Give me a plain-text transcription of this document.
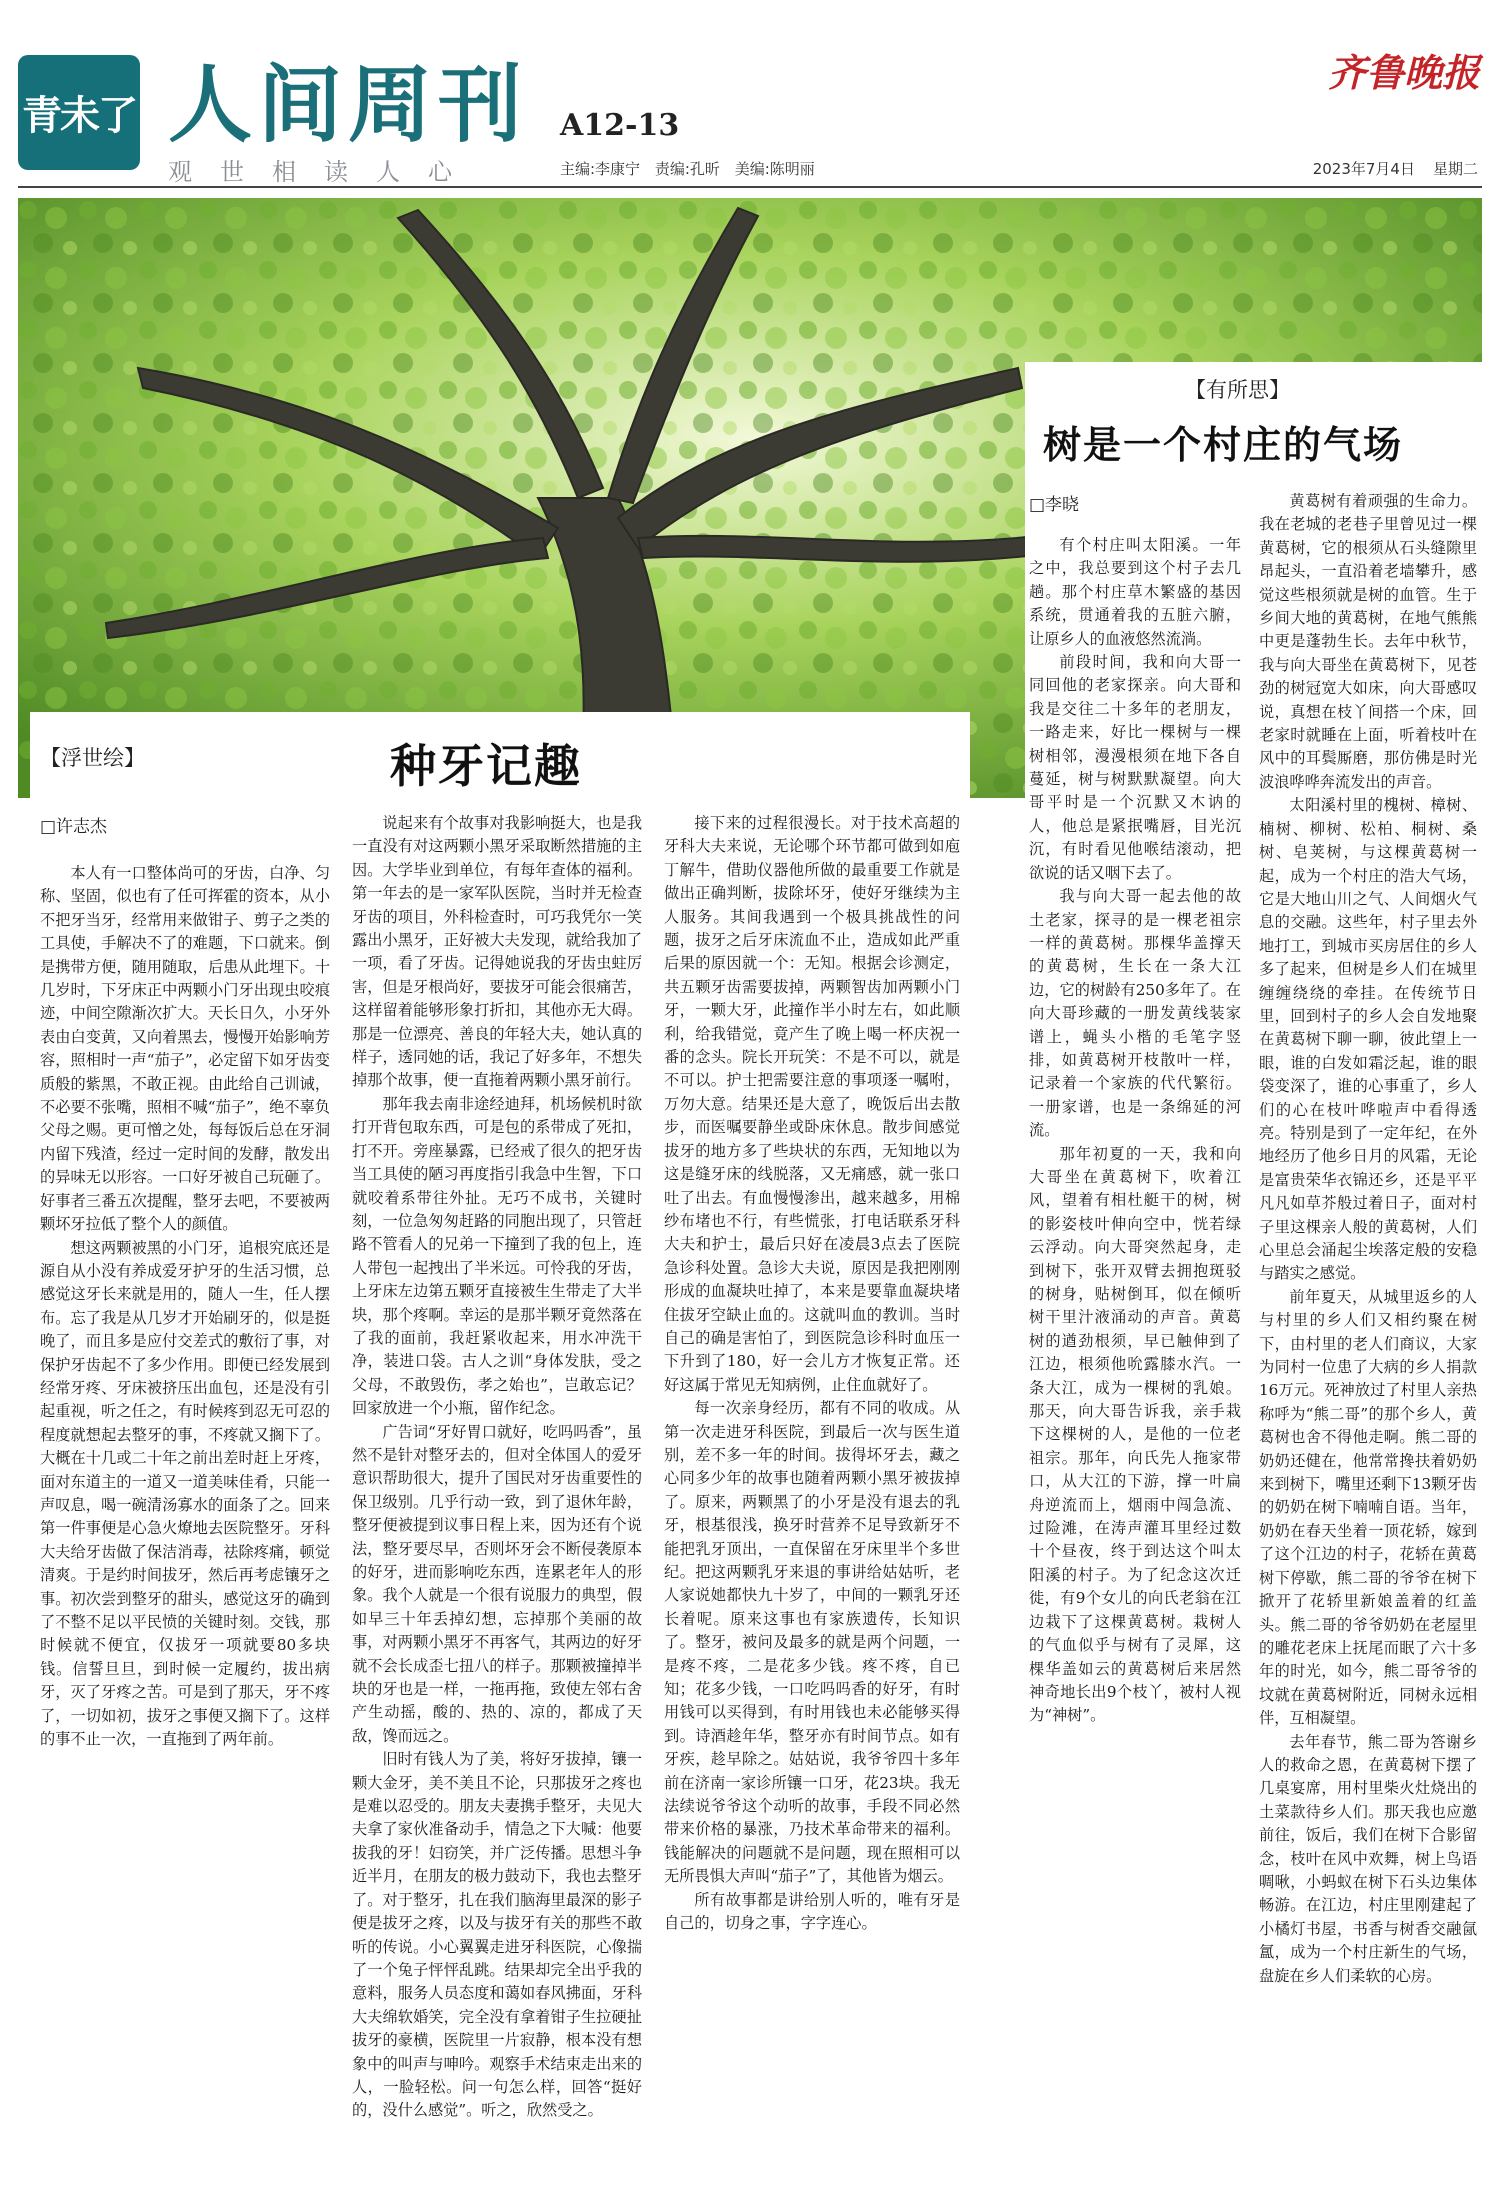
青未了 人间周刊 A12-13
观世相读人心	主编:李康宁 责编:孔昕 美编:陈明丽
齐鲁晚报
2023年7月4日 星期二
【浮世绘】	种牙记趣
□许志杰

本人有一口整体尚可的牙齿，白净、匀称、坚固，似也有了任可挥霍的资本，从小不把牙当牙，经常用来做钳子、剪子之类的工具使，手解决不了的难题，下口就来。倒是携带方便，随用随取，后患从此埋下。十几岁时，下牙床正中两颗小门牙出现虫咬痕迹，中间空隙渐次扩大。天长日久，小牙外表由白变黄，又向着黑去，慢慢开始影响芳容，照相时一声“茄子”，必定留下如牙齿变质般的紫黑，不敢正视。由此给自己训诫，不必要不张嘴，照相不喊“茄子”，绝不辜负父母之赐。更可憎之处，每每饭后总在牙洞内留下残渣，经过一定时间的发酵，散发出的异味无以形容。一口好牙被自己玩砸了。好事者三番五次提醒，整牙去吧，不要被两颗坏牙拉低了整个人的颜值。

想这两颗被黑的小门牙，追根究底还是源自从小没有养成爱牙护牙的生活习惯，总感觉这牙长来就是用的，随人一生，任人摆布。忘了我是从几岁才开始刷牙的，似是挺晚了，而且多是应付交差式的敷衍了事，对保护牙齿起不了多少作用。即便已经发展到经常牙疼、牙床被挤压出血包，还是没有引起重视，听之任之，有时候疼到忍无可忍的程度就想起去整牙的事，不疼就又搁下了。大概在十几或二十年之前出差时赶上牙疼，面对东道主的一道又一道美味佳肴，只能一声叹息，喝一碗清汤寡水的面条了之。回来第一件事便是心急火燎地去医院整牙。牙科大夫给牙齿做了保洁消毒，祛除疼痛，顿觉清爽。于是约时间拔牙，然后再考虑镶牙之事。初次尝到整牙的甜头，感觉这牙的确到了不整不足以平民愤的关键时刻。交钱，那时候就不便宜，仅拔牙一项就要80多块钱。信誓旦旦，到时候一定履约，拔出病牙，灭了牙疼之苦。可是到了那天，牙不疼了，一切如初，拔牙之事便又搁下了。这样的事不止一次，一直拖到了两年前。

说起来有个故事对我影响挺大，也是我一直没有对这两颗小黑牙采取断然措施的主因。大学毕业到单位，有每年查体的福利。第一年去的是一家军队医院，当时并无检查牙齿的项目，外科检查时，可巧我凭尔一笑露出小黑牙，正好被大夫发现，就给我加了一项，看了牙齿。记得她说我的牙齿虫蛀厉害，但是牙根尚好，要拔牙可能会很痛苦，这样留着能够形象打折扣，其他亦无大碍。那是一位漂亮、善良的年轻大夫，她认真的样子，透同她的话，我记了好多年，不想失掉那个故事，便一直拖着两颗小黑牙前行。

那年我去南非途经迪拜，机场候机时欲打开背包取东西，可是包的系带成了死扣，打不开。旁座暴露，已经戒了很久的把牙齿当工具使的陋习再度指引我急中生智，下口就咬着系带往外扯。无巧不成书，关键时刻，一位急匆匆赶路的同胞出现了，只管赶路不管看人的兄弟一下撞到了我的包上，连人带包一起拽出了半米远。可怜我的牙齿，上牙床左边第五颗牙直接被生生带走了大半块，那个疼啊。幸运的是那半颗牙竟然落在了我的面前，我赶紧收起来，用水冲洗干净，装进口袋。古人之训“身体发肤，受之父母，不敢毁伤，孝之始也”，岂敢忘记？回家放进一个小瓶，留作纪念。

广告词“牙好胃口就好，吃吗吗香”，虽然不是针对整牙去的，但对全体国人的爱牙意识帮助很大，提升了国民对牙齿重要性的保卫级别。几乎行动一致，到了退休年龄，整牙便被提到议事日程上来，因为还有个说法，整牙要尽早，否则坏牙会不断侵袭原本的好牙，进而影响吃东西，连累老年人的形象。我个人就是一个很有说服力的典型，假如早三十年丢掉幻想，忘掉那个美丽的故事，对两颗小黑牙不再客气，其两边的好牙就不会长成歪七扭八的样子。那颗被撞掉半块的牙也是一样，一拖再拖，致使左邻右舍产生动摇，酸的、热的、凉的，都成了天敌，馋而远之。

旧时有钱人为了美，将好牙拔掉，镶一颗大金牙，美不美且不论，只那拔牙之疼也是难以忍受的。朋友夫妻携手整牙，夫见大夫拿了家伙准备动手，情急之下大喊：他要拔我的牙！妇窃笑，并广泛传播。思想斗争近半月，在朋友的极力鼓动下，我也去整牙了。对于整牙，扎在我们脑海里最深的影子便是拔牙之疼，以及与拔牙有关的那些不敢听的传说。小心翼翼走进牙科医院，心像揣了一个兔子怦怦乱跳。结果却完全出乎我的意料，服务人员态度和蔼如春风拂面，牙科大夫绵软婚笑，完全没有拿着钳子生拉硬扯拔牙的豪横，医院里一片寂静，根本没有想象中的叫声与呻吟。观察手术结束走出来的人，一脸轻松。问一句怎么样，回答“挺好的，没什么感觉”。听之，欣然受之。

接下来的过程很漫长。对于技术高超的牙科大夫来说，无论哪个环节都可做到如庖丁解牛，借助仪器他所做的最重要工作就是做出正确判断，拔除坏牙，使好牙继续为主人服务。其间我遇到一个极具挑战性的问题，拔牙之后牙床流血不止，造成如此严重后果的原因就一个：无知。根据会诊测定，共五颗牙齿需要拔掉，两颗智齿加两颗小门牙，一颗大牙，此撞作半小时左右，如此顺利，给我错觉，竟产生了晚上喝一杯庆祝一番的念头。院长开玩笑：不是不可以，就是不可以。护士把需要注意的事项逐一嘱咐，万勿大意。结果还是大意了，晚饭后出去散步，而医嘱要静坐或卧床休息。散步间感觉拔牙的地方多了些块状的东西，无知地以为这是缝牙床的线脱落，又无痛感，就一张口吐了出去。有血慢慢渗出，越来越多，用棉纱布堵也不行，有些慌张，打电话联系牙科大夫和护士，最后只好在凌晨3点去了医院急诊科处置。急诊大夫说，原因是我把刚刚形成的血凝块吐掉了，本来是要靠血凝块堵住拔牙空缺止血的。这就叫血的教训。当时自己的确是害怕了，到医院急诊科时血压一下升到了180，好一会儿方才恢复正常。还好这属于常见无知病例，止住血就好了。

每一次亲身经历，都有不同的收成。从第一次走进牙科医院，到最后一次与医生道别，差不多一年的时间。拔得坏牙去，藏之心同多少年的故事也随着两颗小黑牙被拔掉了。原来，两颗黑了的小牙是没有退去的乳牙，根基很浅，换牙时营养不足导致新牙不能把乳牙顶出，一直保留在牙床里半个多世纪。把这两颗乳牙来退的事讲给姑姑听，老人家说她都快九十岁了，中间的一颗乳牙还长着呢。原来这事也有家族遗传，长知识了。整牙，被问及最多的就是两个问题，一是疼不疼，二是花多少钱。疼不疼，自已知；花多少钱，一口吃吗吗香的好牙，有时用钱可以买得到，有时用钱也未必能够买得到。诗酒趁年华，整牙亦有时间节点。如有牙疾，趁早除之。姑姑说，我爷爷四十多年前在济南一家诊所镶一口牙，花23块。我无法续说爷爷这个动听的故事，手段不同必然带来价格的暴涨，乃技术革命带来的福利。钱能解决的问题就不是问题，现在照相可以无所畏惧大声叫“茄子”了，其他皆为烟云。

所有故事都是讲给别人听的，唯有牙是自己的，切身之事，字字连心。

【有所思】
树是一个村庄的气场
□李晓

有个村庄叫太阳溪。一年之中，我总要到这个村子去几趟。那个村庄草木繁盛的基因系统，贯通着我的五脏六腑，让原乡人的血液悠然流淌。

前段时间，我和向大哥一同回他的老家探亲。向大哥和我是交往二十多年的老朋友，一路走来，好比一棵树与一棵树相邻，漫漫根须在地下各自蔓延，树与树默默凝望。向大哥平时是一个沉默又木讷的人，他总是紧抿嘴唇，目光沉沉，有时看见他喉结滚动，把欲说的话又咽下去了。

我与向大哥一起去他的故土老家，探寻的是一棵老祖宗一样的黄葛树。那棵华盖撑天的黄葛树，生长在一条大江边，它的树龄有250多年了。在向大哥珍藏的一册发黄线装家谱上，蝇头小楷的毛笔字竖排，如黄葛树开枝散叶一样，记录着一个家族的代代繁衍。一册家谱，也是一条绵延的河流。

那年初夏的一天，我和向大哥坐在黄葛树下，吹着江风，望着有相杜艇干的树，树的影姿枝叶伸向空中，恍若绿云浮动。向大哥突然起身，走到树下，张开双臂去拥抱斑驳的树身，贴树倒耳，似在倾听树干里汁液涌动的声音。黄葛树的遒劲根须，早已触伸到了江边，根须他吮露膝水汽。一条大江，成为一棵树的乳娘。那天，向大哥告诉我，亲手栽下这棵树的人，是他的一位老祖宗。那年，向氏先人拖家带口，从大江的下游，撑一叶扁舟逆流而上，烟雨中闯急流、过险滩，在涛声灌耳里经过数十个昼夜，终于到达这个叫太阳溪的村子。为了纪念这次迁徙，有9个女儿的向氏老翁在江边栽下了这棵黄葛树。栽树人的气血似乎与树有了灵犀，这棵华盖如云的黄葛树后来居然神奇地长出9个枝丫，被村人视为“神树”。

黄葛树有着顽强的生命力。我在老城的老巷子里曾见过一棵黄葛树，它的根须从石头缝隙里昂起头，一直沿着老墙攀升，感觉这些根须就是树的血管。生于乡间大地的黄葛树，在地气熊熊中更是蓬勃生长。去年中秋节，我与向大哥坐在黄葛树下，见苍劲的树冠宽大如床，向大哥感叹说，真想在枝丫间搭一个床，回老家时就睡在上面，听着枝叶在风中的耳鬓厮磨，那仿佛是时光波浪哗哗奔流发出的声音。

太阳溪村里的槐树、樟树、楠树、柳树、松柏、桐树、桑树、皂荚树，与这棵黄葛树一起，成为一个村庄的浩大气场，它是大地山川之气、人间烟火气息的交融。这些年，村子里去外地打工，到城市买房居住的乡人多了起来，但树是乡人们在城里缠缠绕绕的牵挂。在传统节日里，回到村子的乡人会自发地聚在黄葛树下聊一聊，彼此望上一眼，谁的白发如霜泛起，谁的眼袋变深了，谁的心事重了，乡人们的心在枝叶哗啦声中看得透亮。特别是到了一定年纪，在外地经历了他乡日月的风霜，无论是富贵荣华衣锦还乡，还是平平凡凡如草芥般过着日子，面对村子里这棵亲人般的黄葛树，人们心里总会涌起尘埃落定般的安稳与踏实之感觉。

前年夏天，从城里返乡的人与村里的乡人们又相约聚在树下，由村里的老人们商议，大家为同村一位患了大病的乡人捐款16万元。死神放过了村里人亲热称呼为“熊二哥”的那个乡人，黄葛树也舍不得他走啊。熊二哥的奶奶还健在，他常常搀扶着奶奶来到树下，嘴里还剩下13颗牙齿的奶奶在树下喃喃自语。当年，奶奶在春天坐着一顶花轿，嫁到了这个江边的村子，花轿在黄葛树下停歇，熊二哥的爷爷在树下掀开了花轿里新娘盖着的红盖头。熊二哥的爷爷奶奶在老屋里的雕花老床上抚尾而眠了六十多年的时光，如今，熊二哥爷爷的坟就在黄葛树附近，同树永远相伴，互相凝望。

去年春节，熊二哥为答谢乡人的救命之恩，在黄葛树下摆了几桌宴席，用村里柴火灶烧出的土菜款待乡人们。那天我也应邀前往，饭后，我们在树下合影留念，枝叶在风中欢舞，树上鸟语啁啾，小蚂蚁在树下石头边集体畅游。在江边，村庄里刚建起了小橘灯书屋，书香与树香交融氤氲，成为一个村庄新生的气场，盘旋在乡人们柔软的心房。
